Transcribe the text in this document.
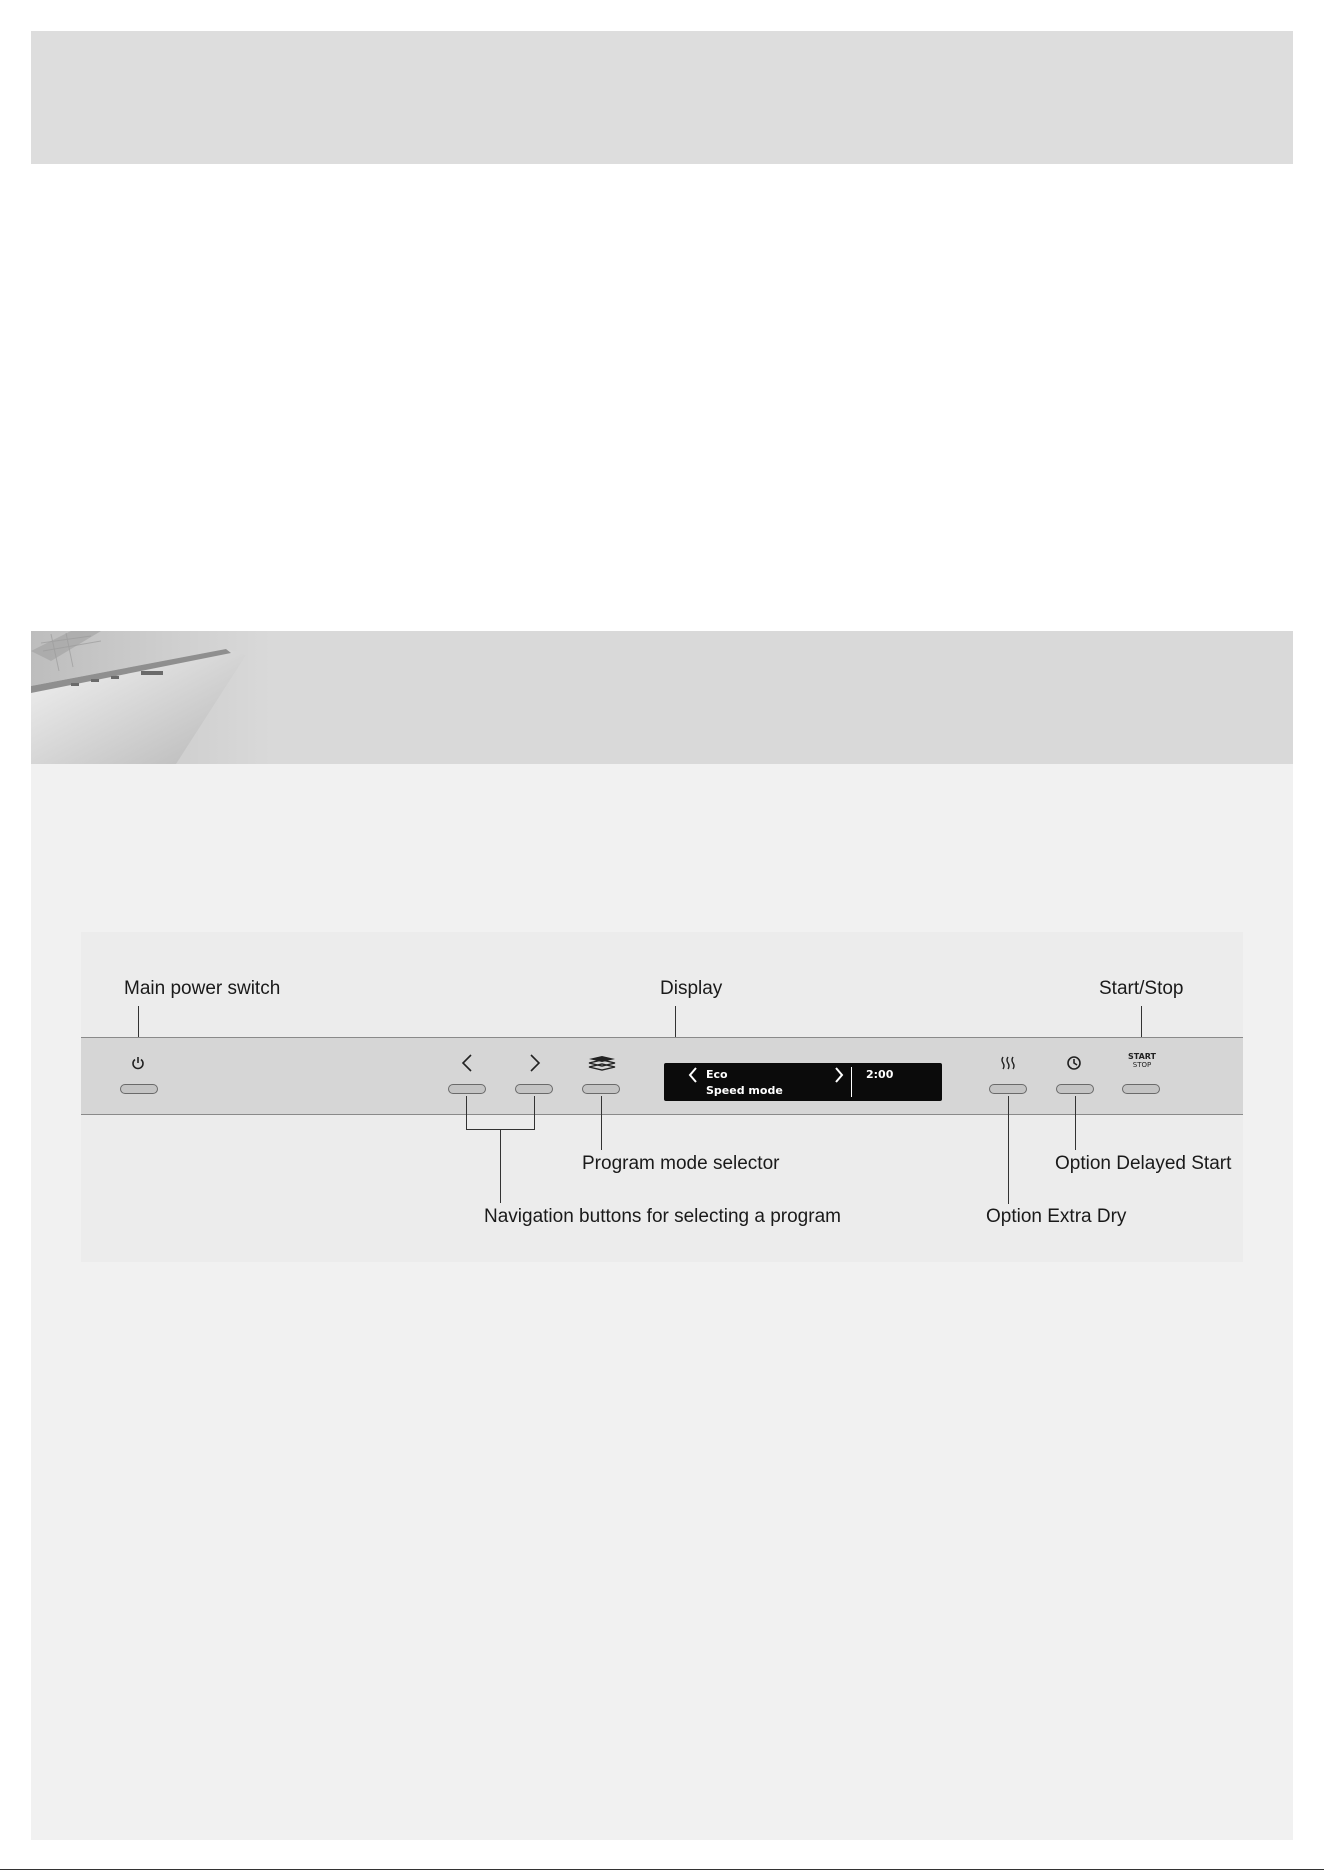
Main power switch	Display	Start/Stop
Eco
Speed mode
2:00
START
STOP
Program mode selector	Option Delayed Start
Navigation buttons for selecting a program	Option Extra Dry
